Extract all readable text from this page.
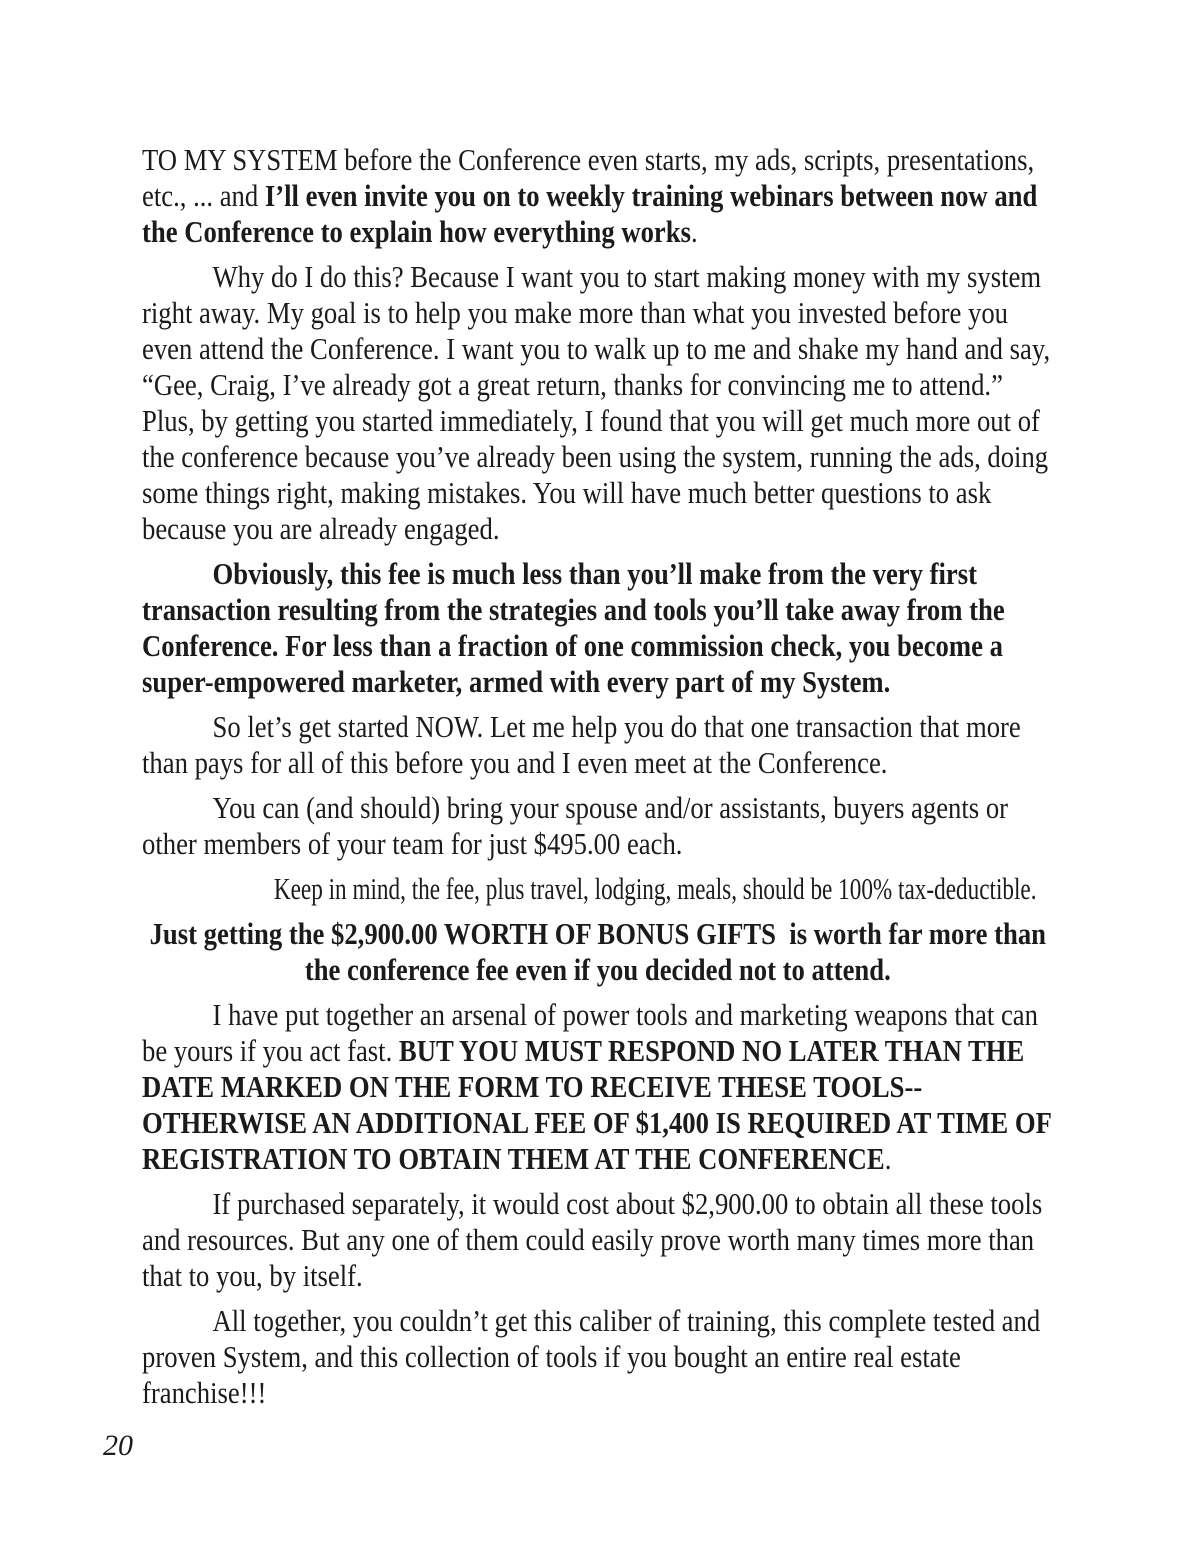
TO MY SYSTEM before the Conference even starts, my ads, scripts, presentations, etc., ... and I’ll even invite you on to weekly training webinars between now and the Conference to explain how everything works.

Why do I do this? Because I want you to start making money with my system right away. My goal is to help you make more than what you invested before you even attend the Conference. I want you to walk up to me and shake my hand and say, “Gee, Craig, I’ve already got a great return, thanks for convincing me to attend.” Plus, by getting you started immediately, I found that you will get much more out of the conference because you’ve already been using the system, running the ads, doing some things right, making mistakes. You will have much better questions to ask because you are already engaged.

Obviously, this fee is much less than you’ll make from the very first transaction resulting from the strategies and tools you’ll take away from the Conference. For less than a fraction of one commission check, you become a super-empowered marketer, armed with every part of my System.

So let’s get started NOW. Let me help you do that one transaction that more than pays for all of this before you and I even meet at the Conference.

You can (and should) bring your spouse and/or assistants, buyers agents or other members of your team for just $495.00 each.

Keep in mind, the fee, plus travel, lodging, meals, should be 100% tax-deductible.

Just getting the $2,900.00 WORTH OF BONUS GIFTS  is worth far more than the conference fee even if you decided not to attend.

I have put together an arsenal of power tools and marketing weapons that can be yours if you act fast. BUT YOU MUST RESPOND NO LATER THAN THE DATE MARKED ON THE FORM TO RECEIVE THESE TOOLS-- OTHERWISE AN ADDITIONAL FEE OF $1,400 IS REQUIRED AT TIME OF REGISTRATION TO OBTAIN THEM AT THE CONFERENCE.

If purchased separately, it would cost about $2,900.00 to obtain all these tools and resources. But any one of them could easily prove worth many times more than that to you, by itself.

All together, you couldn’t get this caliber of training, this complete tested and proven System, and this collection of tools if you bought an entire real estate franchise!!!

20
